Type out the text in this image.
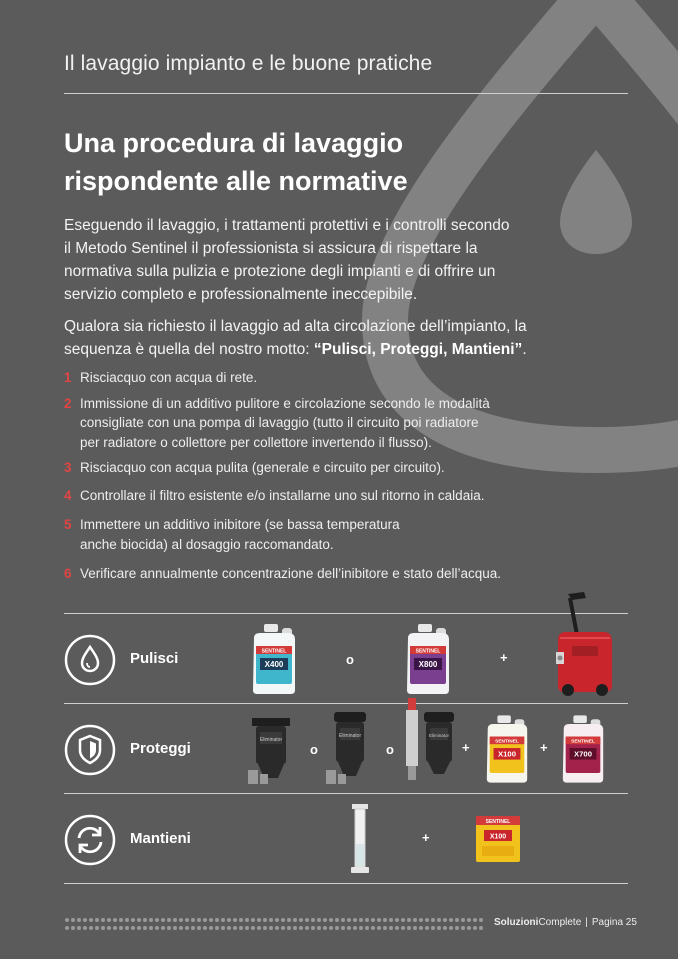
Il lavaggio impianto e le buone pratiche
Una procedura di lavaggio
rispondente alle normative

Eseguendo il lavaggio, i trattamenti protettivi e i controlli secondo
il Metodo Sentinel il professionista si assicura di rispettare la
normativa sulla pulizia e protezione degli impianti e di offrire un
servizio completo e professionalmente ineccepibile.

Qualora sia richiesto il lavaggio ad alta circolazione dell’impianto, la
sequenza è quella del nostro motto: “Pulisci, Proteggi, Mantieni”.

1 Risciacquo con acqua di rete.
2 Immissione di un additivo pulitore e circolazione secondo le modalità
consigliate con una pompa di lavaggio (tutto il circuito poi radiatore
per radiatore o collettore per collettore invertendo il flusso).
3 Risciacquo con acqua pulita (generale e circuito per circuito).
4 Controllare il filtro esistente e/o installarne uno sul ritorno in caldaia.
5 Immettere un additivo inibitore (se bassa temperatura
anche biocida) al dosaggio raccomandato.
6 Verificare annualmente concentrazione dell’inibitore e stato dell’acqua.
Pulisci	SENTINEL
X400	o
SENTINEL
X800	+
Proteggi	Eliminator
o
Eliminator
o
Eliminator
+	SENTINEL
X100 +	SENTINEL
X700
Mantieni	+
SENTINEL
X100
SoluzioniComplete | Pagina 25
